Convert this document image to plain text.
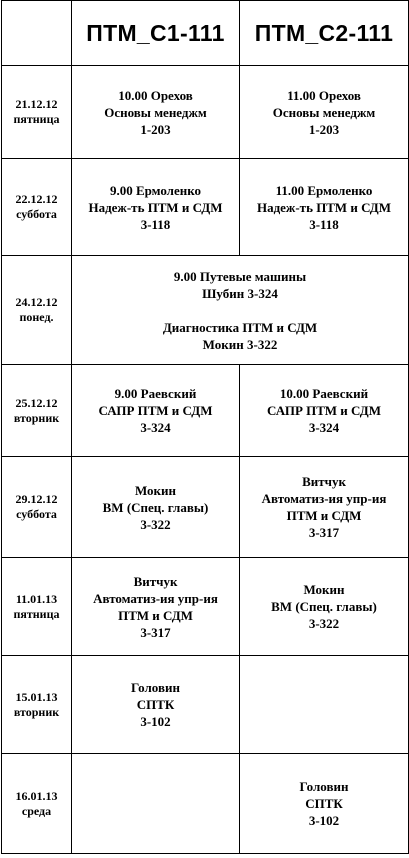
	ПТМ_С1-111	ПТМ_С2-111

21.12.12
пятница	10.00 Орехов
Основы менеджм
1-203	11.00 Орехов
Основы менеджм
1-203

22.12.12
суббота	9.00 Ермоленко
Надеж-ть ПТМ и СДМ
3-118	11.00 Ермоленко
Надеж-ть ПТМ и СДМ
3-118

24.12.12
понед.	9.00 Путевые машины
Шубин 3-324
Диагностика ПТМ и СДМ
Мокин 3-322	

25.12.12
вторник	9.00 Раевский
САПР ПТМ и СДМ
3-324	10.00 Раевский
САПР ПТМ и СДМ
3-324

29.12.12
суббота	Мокин
ВМ (Спец. главы)
3-322	Витчук
Автоматиз-ия упр-ия
ПТМ и СДМ
3-317

11.01.13
пятница	Витчук
Автоматиз-ия упр-ия
ПТМ и СДМ
3-317	Мокин
ВМ (Спец. главы)
3-322

15.01.13
вторник	Головин
СПТК
3-102	

16.01.13
среда		Головин
СПТК
3-102
